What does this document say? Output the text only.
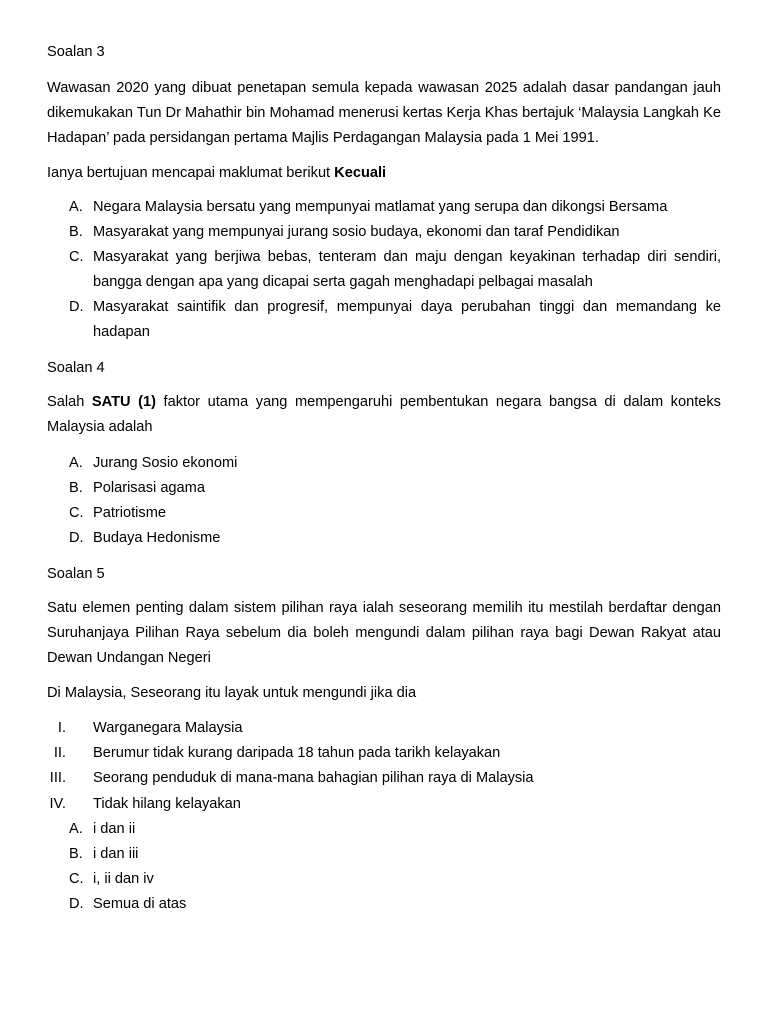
Soalan 3

Wawasan 2020 yang dibuat penetapan semula kepada wawasan 2025 adalah dasar pandangan jauh dikemukakan Tun Dr Mahathir bin Mohamad menerusi kertas Kerja Khas bertajuk ‘Malaysia Langkah Ke Hadapan’ pada persidangan pertama Majlis Perdagangan Malaysia pada 1 Mei 1991.

Ianya bertujuan mencapai maklumat berikut Kecuali
A. Negara Malaysia bersatu yang mempunyai matlamat yang serupa dan dikongsi Bersama
B. Masyarakat yang mempunyai jurang sosio budaya, ekonomi dan taraf Pendidikan
C. Masyarakat yang berjiwa bebas, tenteram dan maju dengan keyakinan terhadap diri sendiri, bangga dengan apa yang dicapai serta gagah menghadapi pelbagai masalah
D. Masyarakat saintifik dan progresif, mempunyai daya perubahan tinggi dan memandang ke hadapan
Soalan 4

Salah SATU (1) faktor utama yang mempengaruhi pembentukan negara bangsa di dalam konteks Malaysia adalah

A. Jurang Sosio ekonomi
B. Polarisasi agama
C. Patriotisme
D. Budaya Hedonisme
Soalan 5

Satu elemen penting dalam sistem pilihan raya ialah seseorang memilih itu mestilah berdaftar dengan Suruhanjaya Pilihan Raya sebelum dia boleh mengundi dalam pilihan raya bagi Dewan Rakyat atau Dewan Undangan Negeri

Di Malaysia, Seseorang itu layak untuk mengundi jika dia
I. Warganegara Malaysia
II. Berumur tidak kurang daripada 18 tahun pada tarikh kelayakan
III. Seorang penduduk di mana-mana bahagian pilihan raya di Malaysia
IV. Tidak hilang kelayakan
A. i dan ii
B. i dan iii
C. i, ii dan iv
D. Semua di atas
